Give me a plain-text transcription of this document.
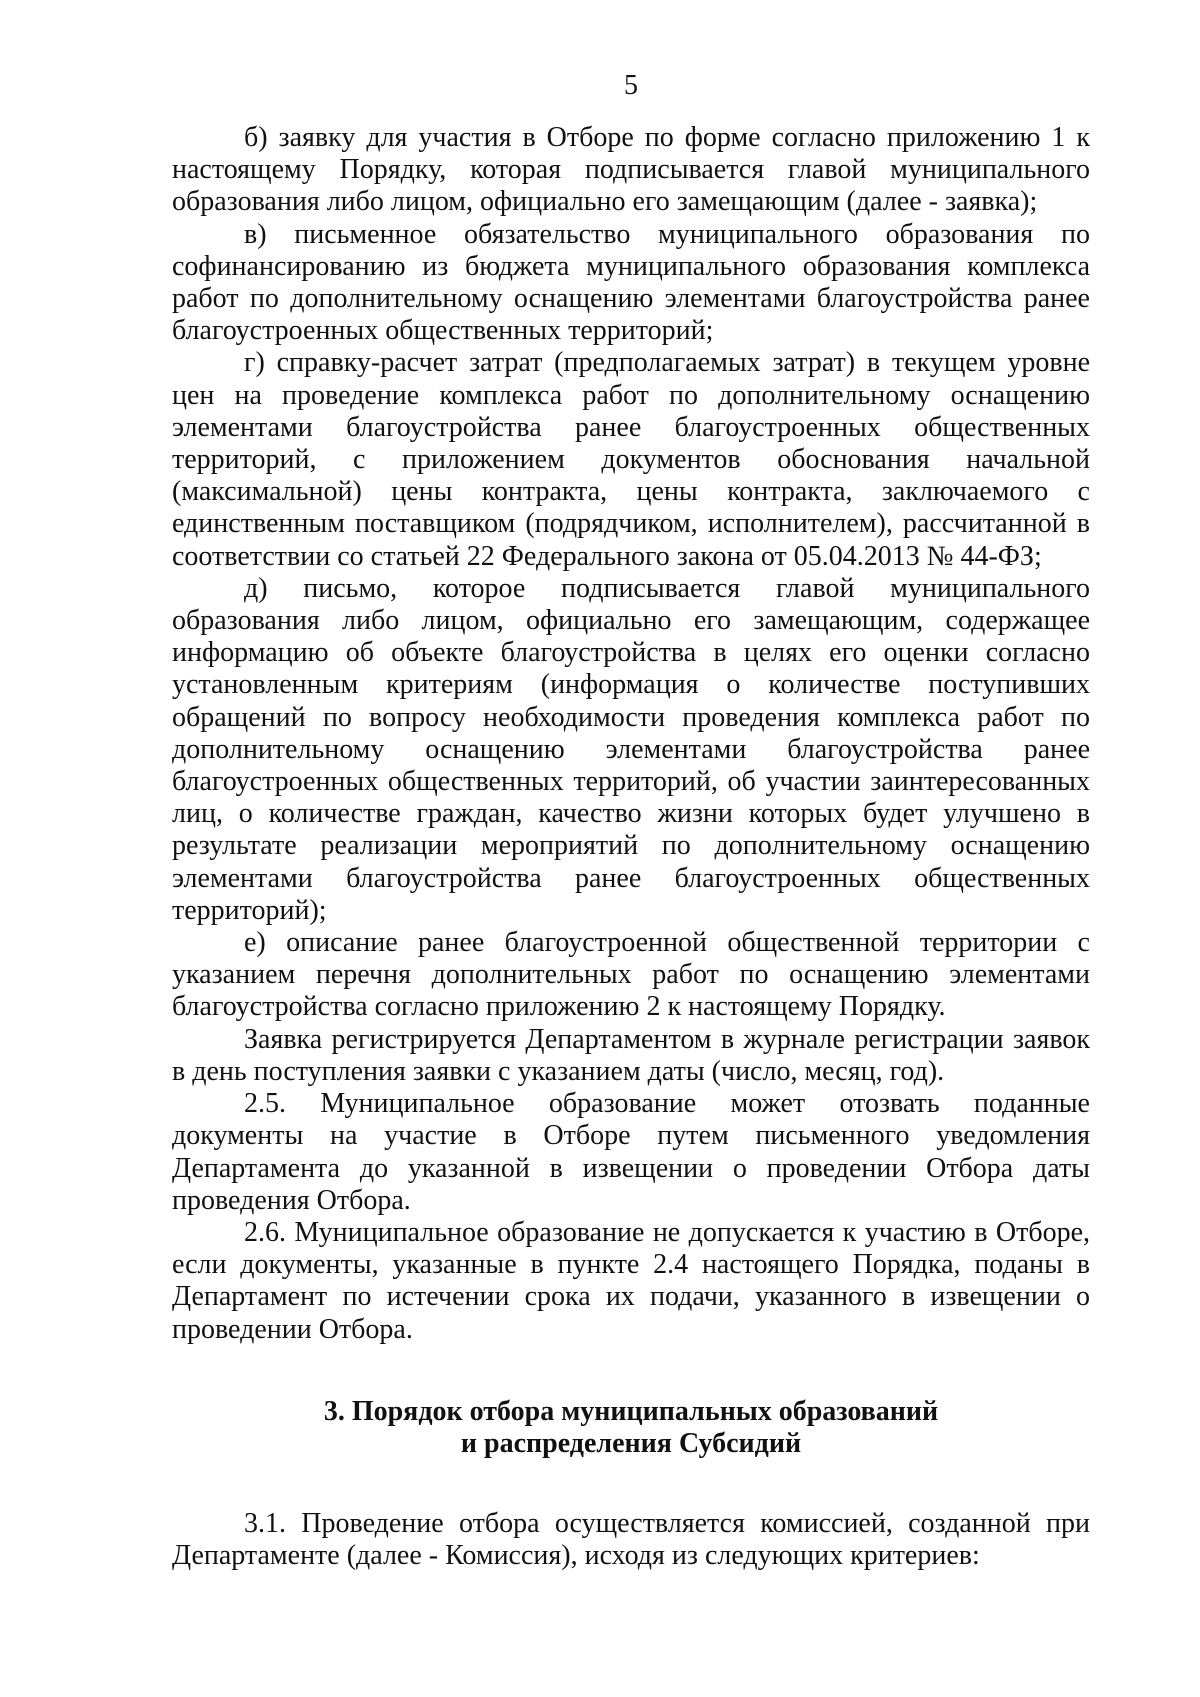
5

б) заявку для участия в Отборе по форме согласно приложению 1 к настоящему Порядку, которая подписывается главой муниципального образования либо лицом, официально его замещающим (далее - заявка);

в) письменное обязательство муниципального образования по софинансированию из бюджета муниципального образования комплекса работ по дополнительному оснащению элементами благоустройства ранее благоустроенных общественных территорий;

г) справку-расчет затрат (предполагаемых затрат) в текущем уровне цен на проведение комплекса работ по дополнительному оснащению элементами благоустройства ранее благоустроенных общественных территорий, с приложением документов обоснования начальной (максимальной) цены контракта, цены контракта, заключаемого с единственным поставщиком (подрядчиком, исполнителем), рассчитанной в соответствии со статьей 22 Федерального закона от 05.04.2013 № 44-ФЗ;

д) письмо, которое подписывается главой муниципального образования либо лицом, официально его замещающим, содержащее информацию об объекте благоустройства в целях его оценки согласно установленным критериям (информация о количестве поступивших обращений по вопросу необходимости проведения комплекса работ по дополнительному оснащению элементами благоустройства ранее благоустроенных общественных территорий, об участии заинтересованных лиц, о количестве граждан, качество жизни которых будет улучшено в результате реализации мероприятий по дополнительному оснащению элементами благоустройства ранее благоустроенных общественных территорий);

е) описание ранее благоустроенной общественной территории с указанием перечня дополнительных работ по оснащению элементами благоустройства согласно приложению 2 к настоящему Порядку.

Заявка регистрируется Департаментом в журнале регистрации заявок в день поступления заявки с указанием даты (число, месяц, год).

2.5. Муниципальное образование может отозвать поданные документы на участие в Отборе путем письменного уведомления Департамента до указанной в извещении о проведении Отбора даты проведения Отбора.

2.6. Муниципальное образование не допускается к участию в Отборе, если документы, указанные в пункте 2.4 настоящего Порядка, поданы в Департамент по истечении срока их подачи, указанного в извещении о проведении Отбора.

3. Порядок отбора муниципальных образований
и распределения Субсидий

3.1. Проведение отбора осуществляется комиссией, созданной при Департаменте (далее - Комиссия), исходя из следующих критериев:
